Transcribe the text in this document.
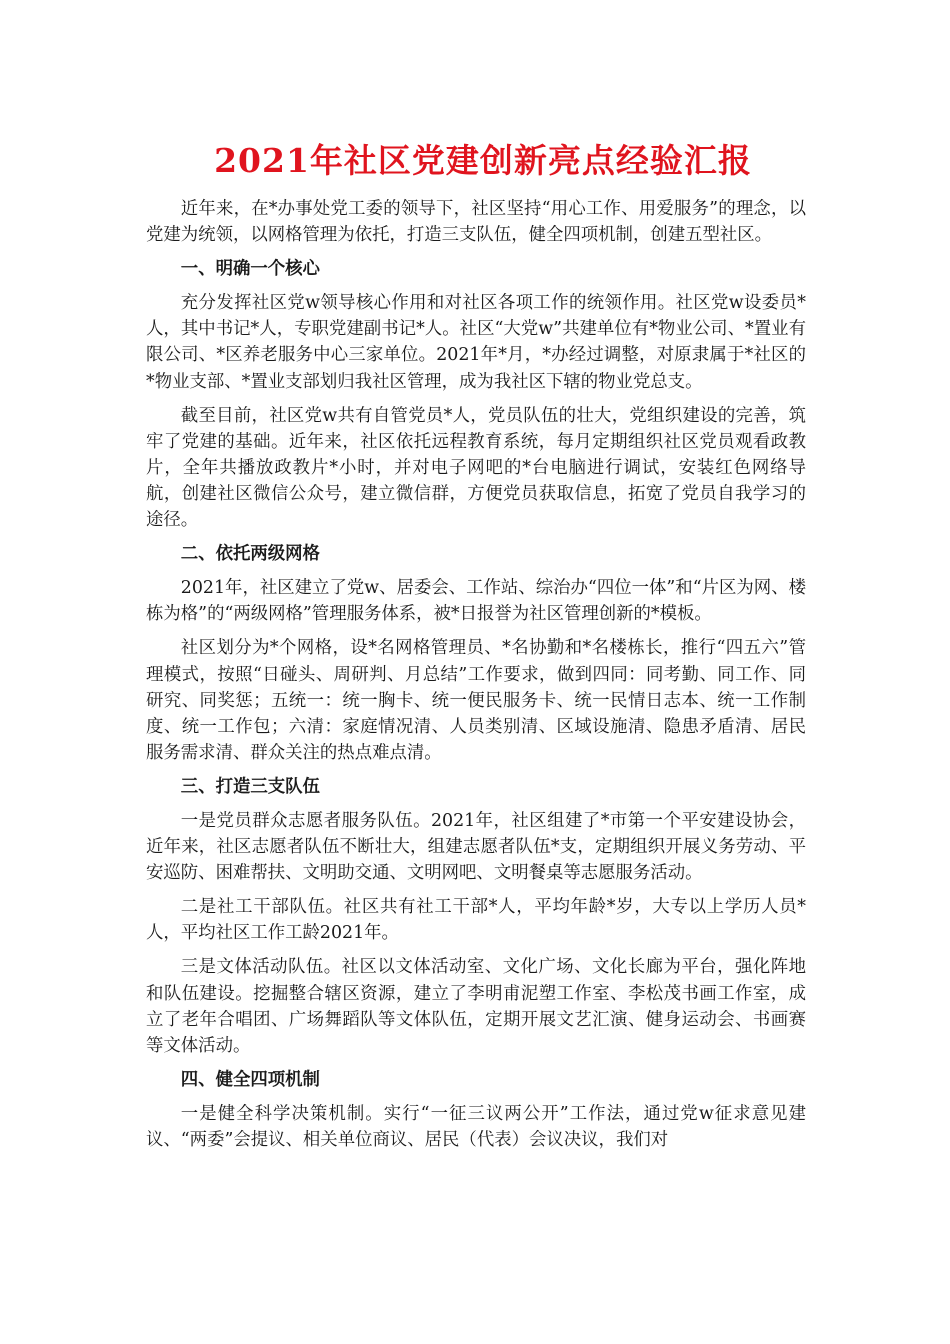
2021年社区党建创新亮点经验汇报

近年来，在*办事处党工委的领导下，社区坚持“用心工作、用爱服务”的理念，以党建为统领，以网格管理为依托，打造三支队伍，健全四项机制，创建五型社区。

一、明确一个核心

充分发挥社区党w领导核心作用和对社区各项工作的统领作用。社区党w设委员*人，其中书记*人，专职党建副书记*人。社区“大党w”共建单位有*物业公司、*置业有限公司、*区养老服务中心三家单位。2021年*月，*办经过调整，对原隶属于*社区的*物业支部、*置业支部划归我社区管理，成为我社区下辖的物业党总支。

截至目前，社区党w共有自管党员*人，党员队伍的壮大，党组织建设的完善，筑牢了党建的基础。近年来，社区依托远程教育系统，每月定期组织社区党员观看政教片，全年共播放政教片*小时，并对电子网吧的*台电脑进行调试，安装红色网络导航，创建社区微信公众号，建立微信群，方便党员获取信息，拓宽了党员自我学习的途径。

二、依托两级网格

2021年，社区建立了党w、居委会、工作站、综治办“四位一体”和“片区为网、楼栋为格”的“两级网格”管理服务体系，被*日报誉为社区管理创新的*模板。

社区划分为*个网格，设*名网格管理员、*名协勤和*名楼栋长，推行“四五六”管理模式，按照“日碰头、周研判、月总结”工作要求，做到四同：同考勤、同工作、同研究、同奖惩；五统一：统一胸卡、统一便民服务卡、统一民情日志本、统一工作制度、统一工作包；六清：家庭情况清、人员类别清、区域设施清、隐患矛盾清、居民服务需求清、群众关注的热点难点清。

三、打造三支队伍

一是党员群众志愿者服务队伍。2021年，社区组建了*市第一个平安建设协会，近年来，社区志愿者队伍不断壮大，组建志愿者队伍*支，定期组织开展义务劳动、平安巡防、困难帮扶、文明助交通、文明网吧、文明餐桌等志愿服务活动。

二是社工干部队伍。社区共有社工干部*人，平均年龄*岁，大专以上学历人员*人，平均社区工作工龄2021年。

三是文体活动队伍。社区以文体活动室、文化广场、文化长廊为平台，强化阵地和队伍建设。挖掘整合辖区资源，建立了李明甫泥塑工作室、李松茂书画工作室，成立了老年合唱团、广场舞蹈队等文体队伍，定期开展文艺汇演、健身运动会、书画赛等文体活动。

四、健全四项机制

一是健全科学决策机制。实行“一征三议两公开”工作法，通过党w征求意见建议、“两委”会提议、相关单位商议、居民（代表）会议决议，我们对
